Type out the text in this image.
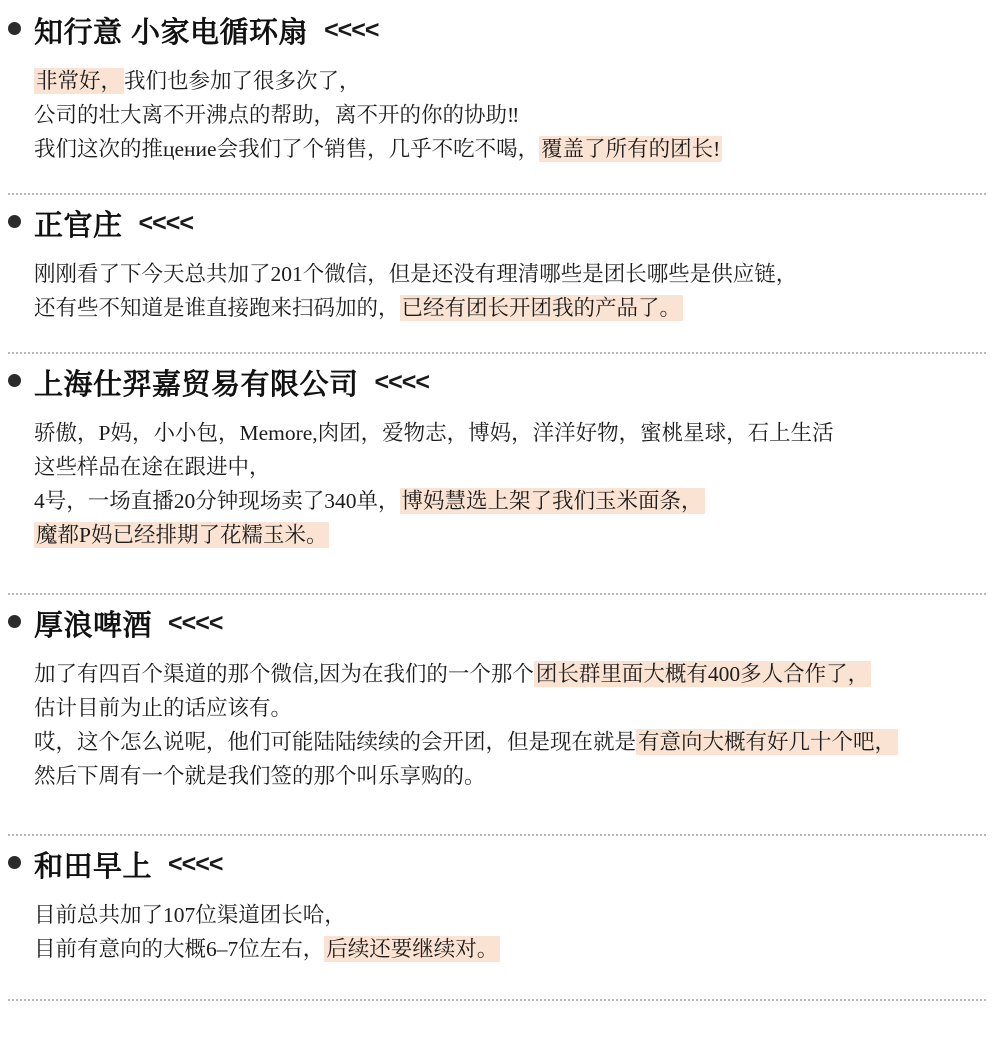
知行意 小家电循环扇 <<<<
非常好，我们也参加了很多次了，
公司的壮大离不开沸点的帮助，离不开的你的协助‼
我们这次的推цение会我们了个销售，几乎不吃不喝，覆盖了所有的团长!
正官庄 <<<<
刚刚看了下今天总共加了201个微信，但是还没有理清哪些是团长哪些是供应链，
还有些不知道是谁直接跑来扫码加的，已经有团长开团我的产品了。
上海仕羿嘉贸易有限公司 <<<<
骄傲，P妈，小小包，Memore,肉团，爱物志，博妈，洋洋好物，蜜桃星球，石上生活
这些样品在途在跟进中，
4号，一场直播20分钟现场卖了340单，博妈慧选上架了我们玉米面条，
魔都P妈已经排期了花糯玉米。
厚浪啤酒 <<<<
加了有四百个渠道的那个微信,因为在我们的一个那个团长群里面大概有400多人合作了，
估计目前为止的话应该有。
哎，这个怎么说呢，他们可能陆陆续续的会开团，但是现在就是有意向大概有好几十个吧，
然后下周有一个就是我们签的那个叫乐享购的。
和田早上 <<<<
目前总共加了107位渠道团长哈，
目前有意向的大概6–7位左右，后续还要继续对。
